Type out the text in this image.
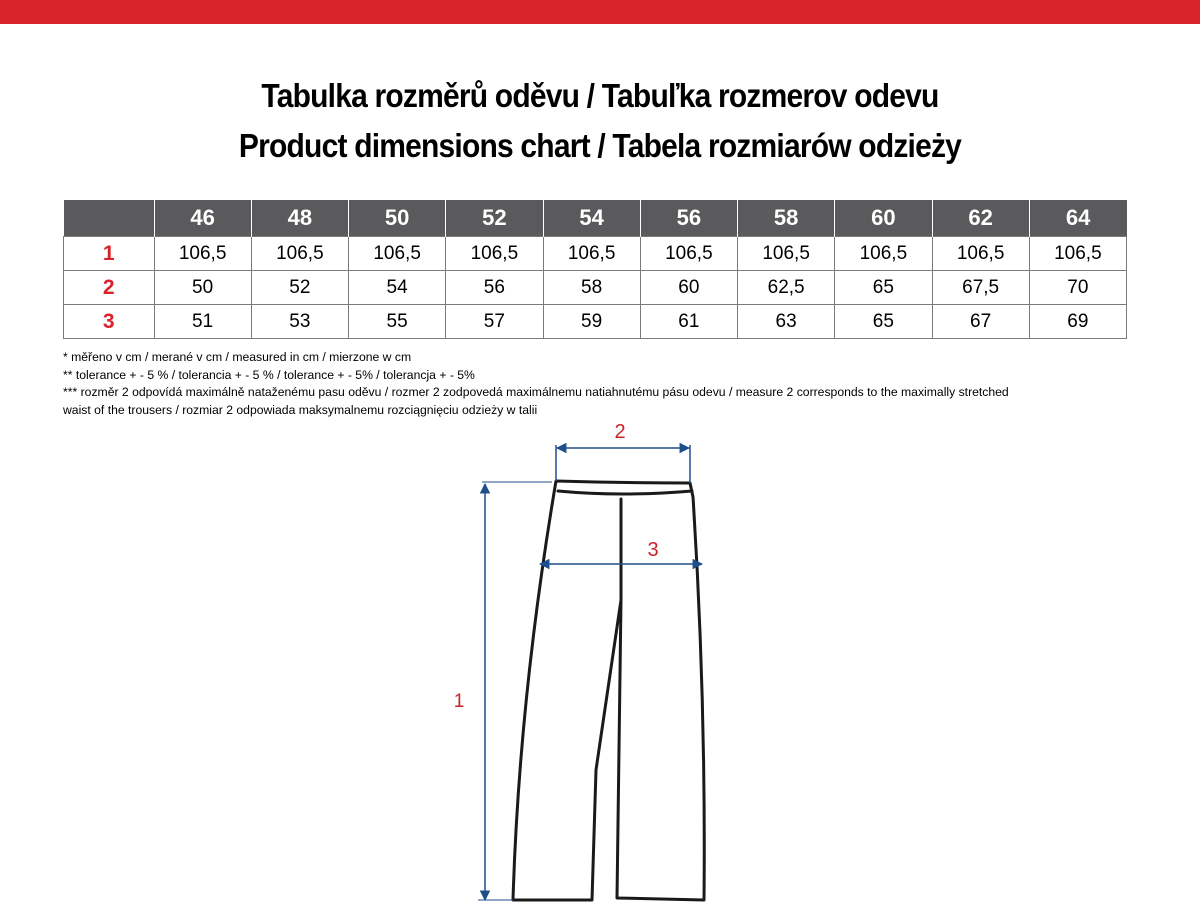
Tabulka rozměrů oděvu / Tabuľka rozmerov odevu
Product dimensions chart / Tabela rozmiarów odzieży
	46	48	50	52	54	56	58	60	62	64
1	106,5	106,5	106,5	106,5	106,5	106,5	106,5	106,5	106,5	106,5
2	50	52	54	56	58	60	62,5	65	67,5	70
3	51	53	55	57	59	61	63	65	67	69
* měřeno v cm / merané v cm / measured in cm / mierzone w cm
** tolerance + - 5 % / tolerancia + - 5 % / tolerance + - 5% / tolerancja + - 5%
*** rozměr 2 odpovídá maximálně nataženému pasu oděvu / rozmer 2 zodpovedá maximálnemu natiahnutému pásu odevu / measure 2 corresponds to the maximally stretched
waist of the trousers / rozmiar 2 odpowiada maksymalnemu rozciągnięciu odzieży w talii
1
2
3
